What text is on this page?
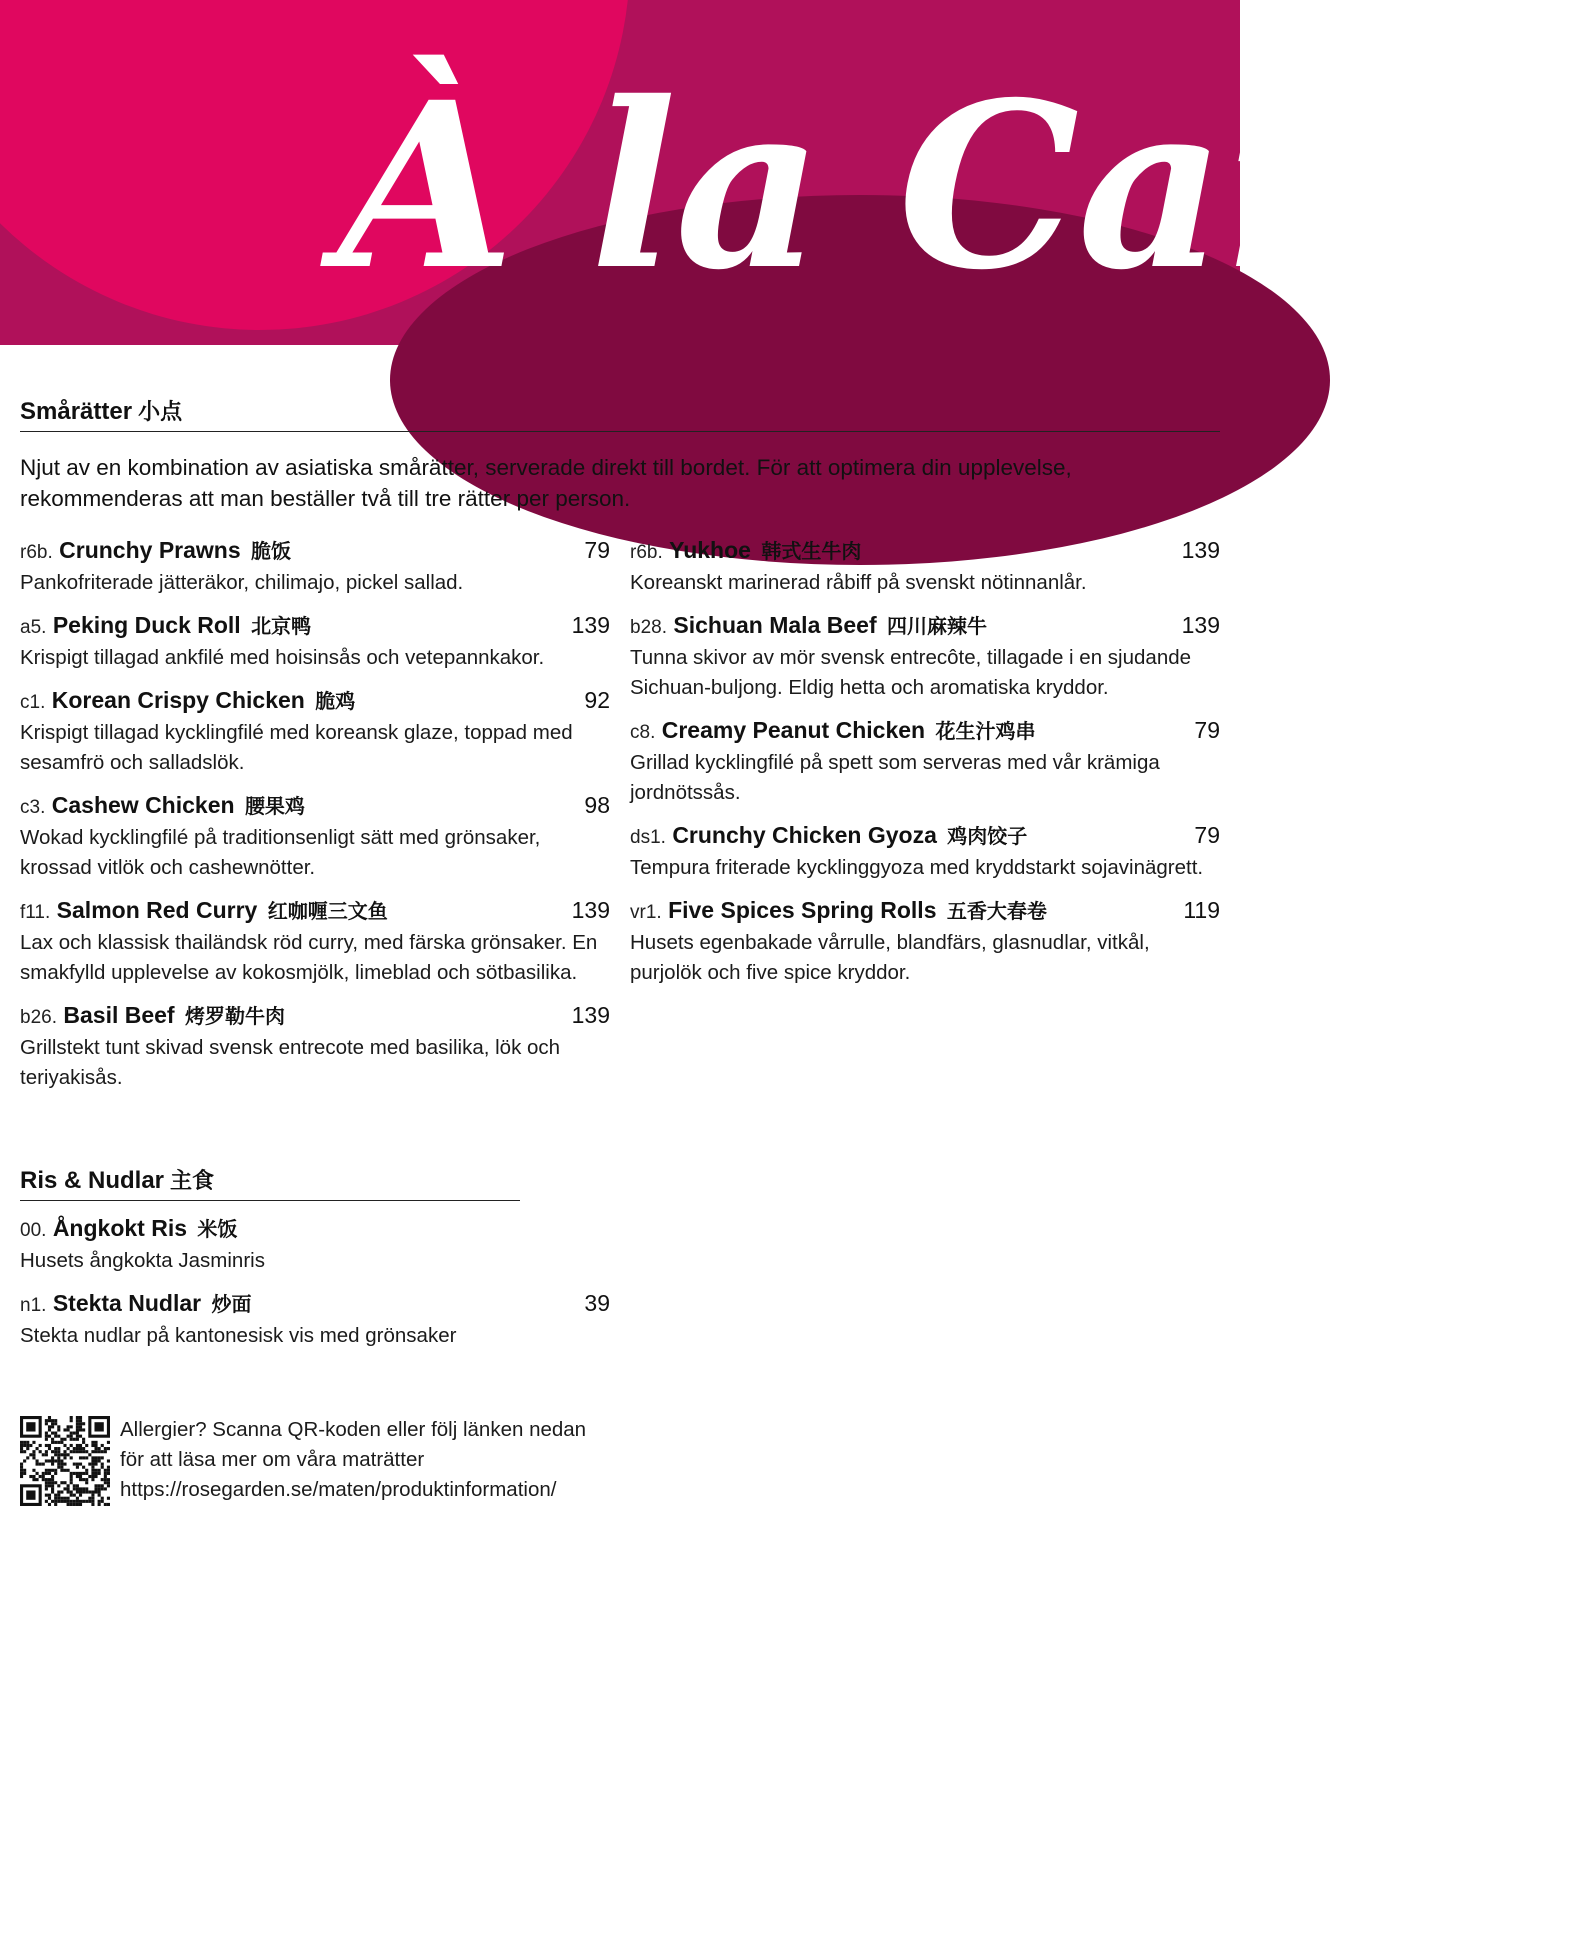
À la Carte
Smårätter 小点

Njut av en kombination av asiatiska smårätter, serverade direkt till bordet. För att optimera din upplevelse, rekommenderas att man beställer två till tre rätter per person.

r6b. Crunchy Prawns 脆饭	79
Pankofriterade jätteräkor, chilimajo, pickel sallad.
a5. Peking Duck Roll 北京鸭	139
Krispigt tillagad ankfilé med hoisinsås och vetepannkakor.
c1. Korean Crispy Chicken 脆鸡	92
Krispigt tillagad kycklingfilé med koreansk glaze, toppad med sesamfrö och salladslök.
c3. Cashew Chicken 腰果鸡	98
Wokad kycklingfilé på traditionsenligt sätt med grönsaker, krossad vitlök och cashewnötter.
f11. Salmon Red Curry 红咖喱三文鱼	139
Lax och klassisk thailändsk röd curry, med färska grönsaker. En smakfylld upplevelse av kokosmjölk, limeblad och sötbasilika.
b26. Basil Beef 烤罗勒牛肉	139
Grillstekt tunt skivad svensk entrecote med basilika, lök och teriyakisås.
r6b. Yukhoe 韩式生牛肉	139
Koreanskt marinerad råbiff på svenskt nötinnanlår.
b28. Sichuan Mala Beef 四川麻辣牛	139
Tunna skivor av mör svensk entrecôte, tillagade i en sjudande Sichuan-buljong. Eldig hetta och aromatiska kryddor.
c8. Creamy Peanut Chicken 花生汁鸡串	79
Grillad kycklingfilé på spett som serveras med vår krämiga jordnötssås.
ds1. Crunchy Chicken Gyoza 鸡肉饺子	79
Tempura friterade kycklinggyoza med kryddstarkt sojavinägrett.
vr1. Five Spices Spring Rolls 五香大春卷	119
Husets egenbakade vårrulle, blandfärs, glasnudlar, vitkål, purjolök och five spice kryddor.
Ris & Nudlar 主食
00. Ångkokt Ris 米饭
Husets ångkokta Jasminris
n1. Stekta Nudlar 炒面	39
Stekta nudlar på kantonesisk vis med grönsaker
Allergier? Scanna QR-koden eller följ länken nedan
för att läsa mer om våra maträtter
https://rosegarden.se/maten/produktinformation/
